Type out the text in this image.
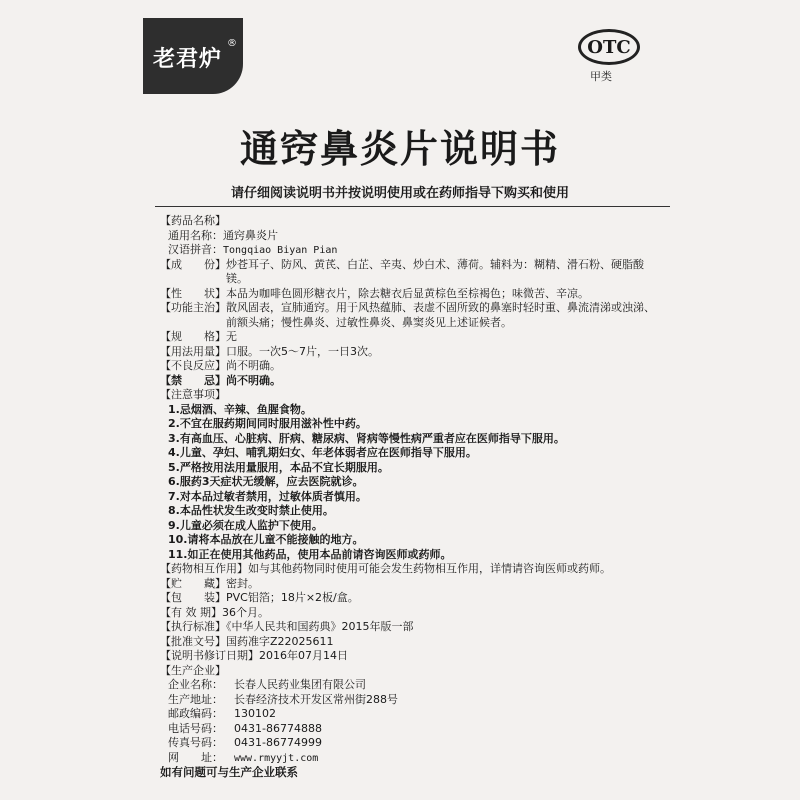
老君炉
®	OTC
甲类
通窍鼻炎片说明书
请仔细阅读说明书并按说明使用或在药师指导下购买和使用
【药品名称】
通用名称：通窍鼻炎片
汉语拼音：Tongqiao Biyan Pian
【成　　份】 炒苍耳子、防风、黄芪、白芷、辛夷、炒白术、薄荷。辅料为：糊精、滑石粉、硬脂酸镁。
【性　　状】 本品为咖啡色圆形糖衣片，除去糖衣后显黄棕色至棕褐色；味微苦、辛凉。
【功能主治】 散风固表，宣肺通窍。用于风热蕴肺、表虚不固所致的鼻塞时轻时重、鼻流清涕或浊涕、前额头痛；慢性鼻炎、过敏性鼻炎、鼻窦炎见上述证候者。
【规　　格】无
【用法用量】口服。一次5～7片，一日3次。
【不良反应】尚不明确。
【禁　　忌】尚不明确。
【注意事项】
1.忌烟酒、辛辣、鱼腥食物。
2.不宜在服药期间同时服用滋补性中药。
3.有高血压、心脏病、肝病、糖尿病、肾病等慢性病严重者应在医师指导下服用。
4.儿童、孕妇、哺乳期妇女、年老体弱者应在医师指导下服用。
5.严格按用法用量服用，本品不宜长期服用。
6.服药3天症状无缓解，应去医院就诊。
7.对本品过敏者禁用，过敏体质者慎用。
8.本品性状发生改变时禁止使用。
9.儿童必须在成人监护下使用。
10.请将本品放在儿童不能接触的地方。
11.如正在使用其他药品，使用本品前请咨询医师或药师。
【药物相互作用】 如与其他药物同时使用可能会发生药物相互作用，详情请咨询医师或药师。
【贮　　藏】密封。
【包　　装】PVC铝箔；18片×2板/盒。
【有 效 期】36个月。
【执行标准】《中华人民共和国药典》2015年版一部
【批准文号】国药准字Z22025611
【说明书修订日期】2016年07月14日
【生产企业】
企业名称： 长春人民药业集团有限公司
生产地址： 长春经济技术开发区常州街288号
邮政编码： 130102
电话号码： 0431-86774888
传真号码： 0431-86774999
网　　址： www.rmyyjt.com
如有问题可与生产企业联系
